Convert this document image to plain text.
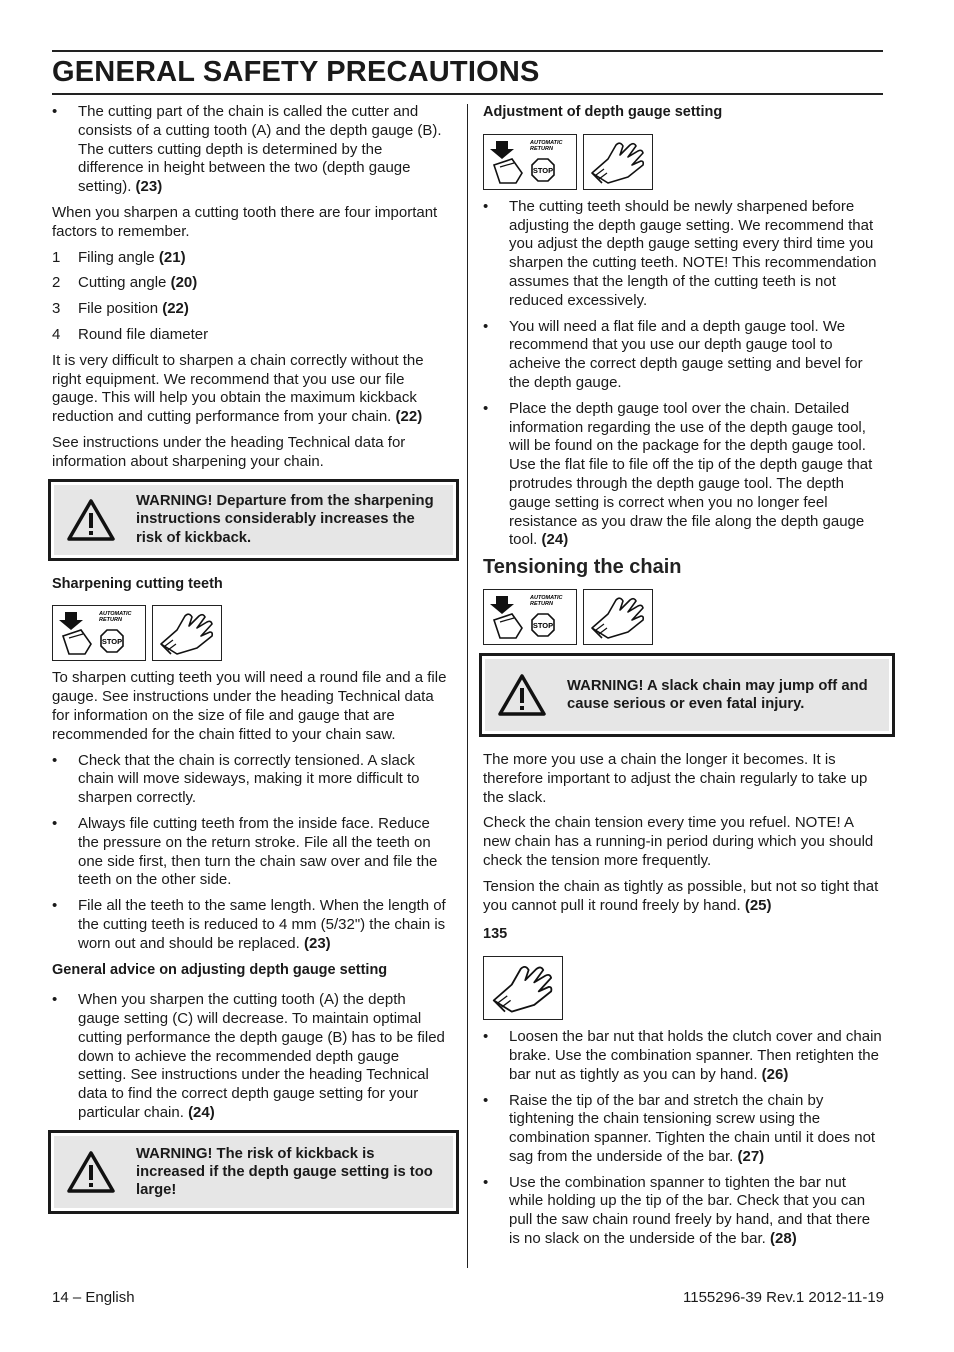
GENERAL SAFETY PRECAUTIONS
• The cutting part of the chain is called the cutter and consists of a cutting tooth (A) and the depth gauge (B). The cutters cutting depth is determined by the difference in height between the two (depth gauge setting). (23)

When you sharpen a cutting tooth there are four important factors to remember.

1 Filing angle (21)
2 Cutting angle (20)
3 File position (22)
4 Round file diameter

It is very difficult to sharpen a chain correctly without the right equipment. We recommend that you use our file gauge. This will help you obtain the maximum kickback reduction and cutting performance from your chain. (22)

See instructions under the heading Technical data for information about sharpening your chain.

WARNING! Departure from the sharpening instructions considerably increases the risk of kickback.
Sharpening cutting teeth
AUTOMATIC
RETURN
STOP

To sharpen cutting teeth you will need a round file and a file gauge. See instructions under the heading Technical data for information on the size of file and gauge that are recommended for the chain fitted to your chain saw.

• Check that the chain is correctly tensioned. A slack chain will move sideways, making it more difficult to sharpen correctly.
• Always file cutting teeth from the inside face. Reduce the pressure on the return stroke. File all the teeth on one side first, then turn the chain saw over and file the teeth on the other side.
• File all the teeth to the same length. When the length of the cutting teeth is reduced to 4 mm (5/32") the chain is worn out and should be replaced. (23)
General advice on adjusting depth gauge setting
• When you sharpen the cutting tooth (A) the depth gauge setting (C) will decrease. To maintain optimal cutting performance the depth gauge (B) has to be filed down to achieve the recommended depth gauge setting. See instructions under the heading Technical data to find the correct depth gauge setting for your particular chain. (24)
WARNING! The risk of kickback is increased if the depth gauge setting is too large!
Adjustment of depth gauge setting
AUTOMATIC
RETURN
STOP
• The cutting teeth should be newly sharpened before adjusting the depth gauge setting. We recommend that you adjust the depth gauge setting every third time you sharpen the cutting teeth. NOTE! This recommendation assumes that the length of the cutting teeth is not reduced excessively.
• You will need a flat file and a depth gauge tool. We recommend that you use our depth gauge tool to acheive the correct depth gauge setting and bevel for the depth gauge.
• Place the depth gauge tool over the chain. Detailed information regarding the use of the depth gauge tool, will be found on the package for the depth gauge tool. Use the flat file to file off the tip of the depth gauge that protrudes through the depth gauge tool. The depth gauge setting is correct when you no longer feel resistance as you draw the file along the depth gauge tool. (24)
Tensioning the chain
AUTOMATIC
RETURN
STOP
WARNING! A slack chain may jump off and cause serious or even fatal injury.

The more you use a chain the longer it becomes. It is therefore important to adjust the chain regularly to take up the slack.

Check the chain tension every time you refuel. NOTE! A new chain has a running-in period during which you should check the tension more frequently.

Tension the chain as tightly as possible, but not so tight that you cannot pull it round freely by hand. (25)

135
• Loosen the bar nut that holds the clutch cover and chain brake. Use the combination spanner. Then retighten the bar nut as tightly as you can by hand. (26)
• Raise the tip of the bar and stretch the chain by tightening the chain tensioning screw using the combination spanner. Tighten the chain until it does not sag from the underside of the bar. (27)
• Use the combination spanner to tighten the bar nut while holding up the tip of the bar. Check that you can pull the saw chain round freely by hand, and that there is no slack on the underside of the bar. (28)
14 – English	1155296-39 Rev.1 2012-11-19
